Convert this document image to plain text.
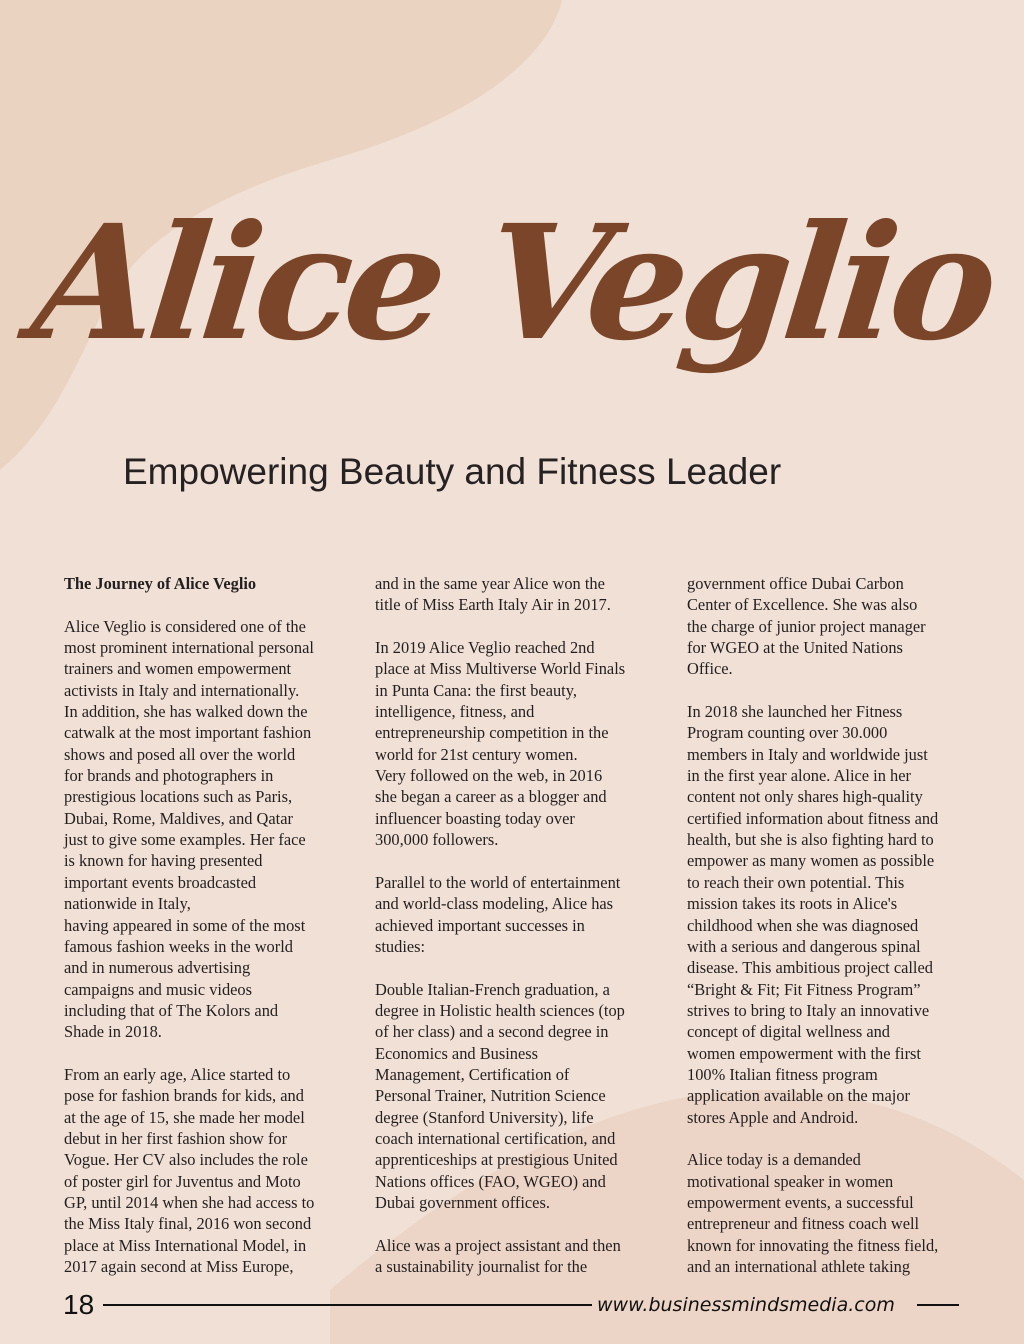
Alice Veglio
Empowering Beauty and Fitness Leader

The Journey of Alice Veglio

Alice Veglio is considered one of the
most prominent international personal
trainers and women empowerment
activists in Italy and internationally.
In addition, she has walked down the
catwalk at the most important fashion
shows and posed all over the world
for brands and photographers in
prestigious locations such as Paris,
Dubai, Rome, Maldives, and Qatar
just to give some examples. Her face
is known for having presented
important events broadcasted
nationwide in Italy,
having appeared in some of the most
famous fashion weeks in the world
and in numerous advertising
campaigns and music videos
including that of The Kolors and
Shade in 2018.

From an early age, Alice started to
pose for fashion brands for kids, and
at the age of 15, she made her model
debut in her first fashion show for
Vogue. Her CV also includes the role
of poster girl for Juventus and Moto
GP, until 2014 when she had access to
the Miss Italy final, 2016 won second
place at Miss International Model, in
2017 again second at Miss Europe,

and in the same year Alice won the
title of Miss Earth Italy Air in 2017.

In 2019 Alice Veglio reached 2nd
place at Miss Multiverse World Finals
in Punta Cana: the first beauty,
intelligence, fitness, and
entrepreneurship competition in the
world for 21st century women.
Very followed on the web, in 2016
she began a career as a blogger and
influencer boasting today over
300,000 followers.

Parallel to the world of entertainment
and world-class modeling, Alice has
achieved important successes in
studies:

Double Italian-French graduation, a
degree in Holistic health sciences (top
of her class) and a second degree in
Economics and Business
Management, Certification of
Personal Trainer, Nutrition Science
degree (Stanford University), life
coach international certification, and
apprenticeships at prestigious United
Nations offices (FAO, WGEO) and
Dubai government offices.

Alice was a project assistant and then
a sustainability journalist for the

government office Dubai Carbon
Center of Excellence. She was also
the charge of junior project manager
for WGEO at the United Nations
Office.

In 2018 she launched her Fitness
Program counting over 30.000
members in Italy and worldwide just
in the first year alone. Alice in her
content not only shares high-quality
certified information about fitness and
health, but she is also fighting hard to
empower as many women as possible
to reach their own potential. This
mission takes its roots in Alice's
childhood when she was diagnosed
with a serious and dangerous spinal
disease. This ambitious project called
“Bright & Fit; Fit Fitness Program”
strives to bring to Italy an innovative
concept of digital wellness and
women empowerment with the first
100% Italian fitness program
application available on the major
stores Apple and Android.

Alice today is a demanded
motivational speaker in women
empowerment events, a successful
entrepreneur and fitness coach well
known for innovating the fitness field,
and an international athlete taking

18	www.businessmindsmedia.com
